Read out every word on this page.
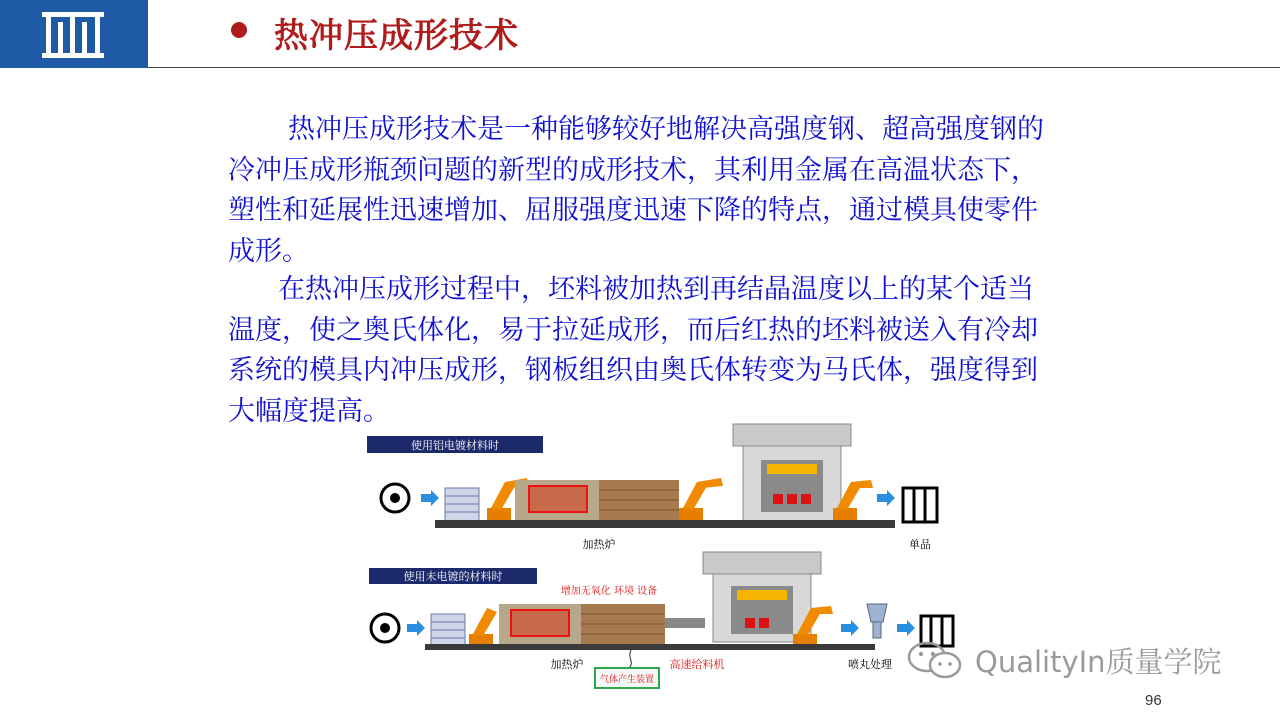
热冲压成形技术

热冲压成形技术是一种能够较好地解决高强度钢、超高强度钢的冷冲压成形瓶颈问题的新型的成形技术，其利用金属在高温状态下，塑性和延展性迅速增加、屈服强度迅速下降的特点，通过模具使零件成形。

在热冲压成形过程中，坯料被加热到再结晶温度以上的某个适当温度，使之奥氏体化，易于拉延成形，而后红热的坯料被送入有冷却系统的模具内冲压成形，钢板组织由奥氏体转变为马氏体，强度得到大幅度提高。

使用铝电镀材料时
加热炉	单品
使用未电镀的材料时
增加无氧化 环境 设备
气体产生装置
加热炉	高速给料机	喷丸处理	QualityIn质量学院
96
